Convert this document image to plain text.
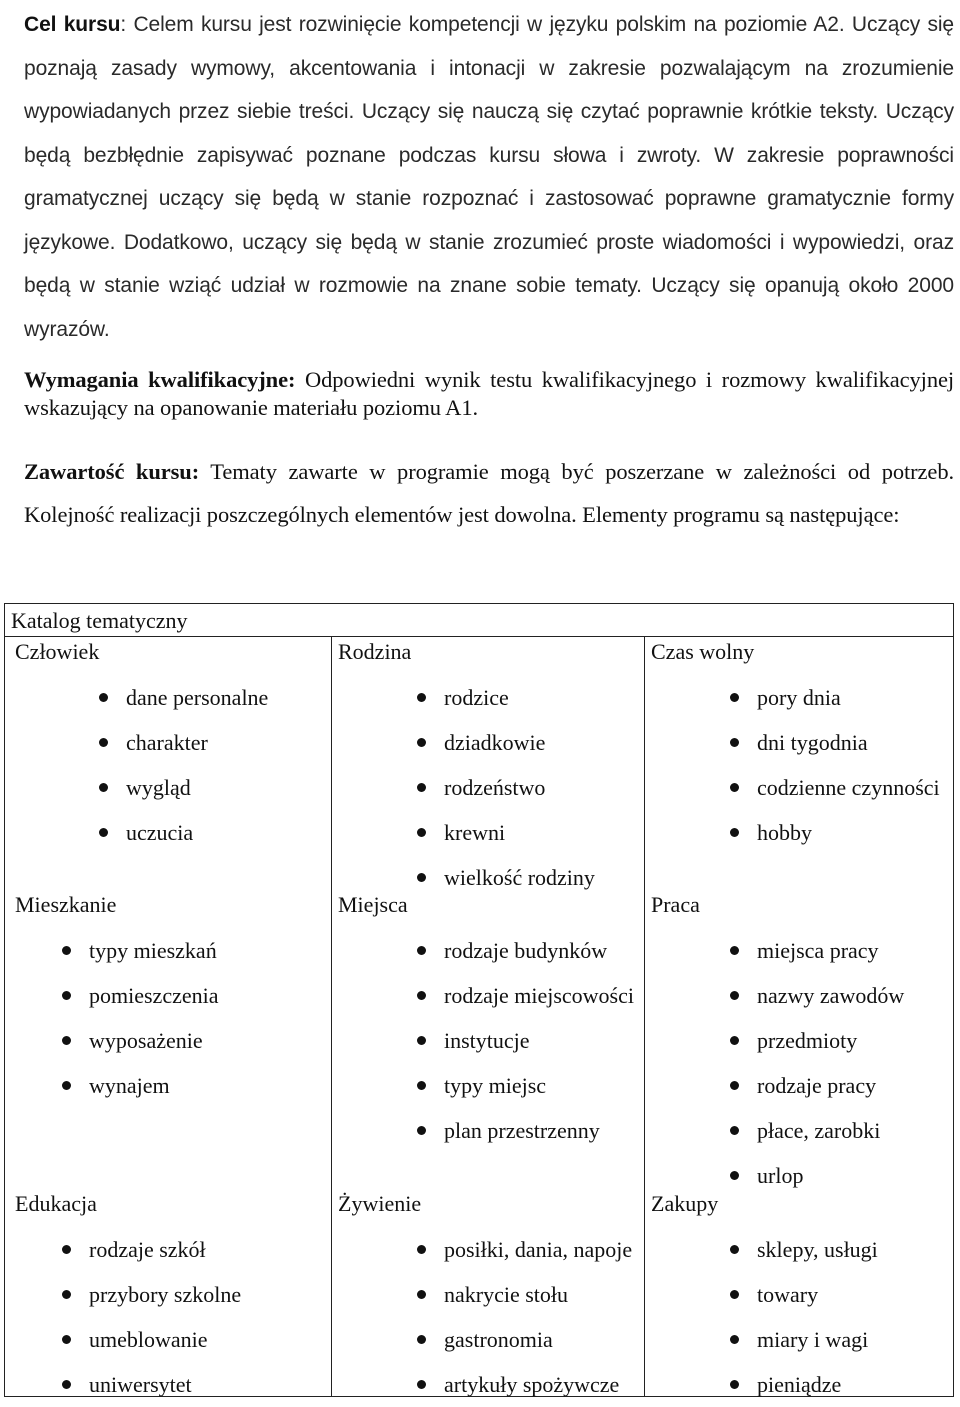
Cel kursu: Celem kursu jest rozwinięcie kompetencji w języku polskim na poziomie A2. Uczący się poznają zasady wymowy, akcentowania i intonacji w zakresie pozwalającym na zrozumienie wypowiadanych przez siebie treści. Uczący się nauczą się czytać poprawnie krótkie teksty. Uczący będą bezbłędnie zapisywać poznane podczas kursu słowa i zwroty. W zakresie poprawności gramatycznej uczący się będą w stanie rozpoznać i zastosować poprawne gramatycznie formy językowe. Dodatkowo, uczący się będą w stanie zrozumieć proste wiadomości i wypowiedzi, oraz będą w stanie wziąć udział w rozmowie na znane sobie tematy. Uczący się opanują około 2000 wyrazów.

Wymagania kwalifikacyjne: Odpowiedni wynik testu kwalifikacyjnego i rozmowy kwalifikacyjnej wskazujący na opanowanie materiału poziomu A1.

Zawartość kursu: Tematy zawarte w programie mogą być poszerzane w zależności od potrzeb. Kolejność realizacji poszczególnych elementów jest dowolna. Elementy programu są następujące:

Katalog tematyczny
Człowiek
dane personalne
charakter
wygląd
uczucia
Rodzina
rodzice
dziadkowie
rodzeństwo
krewni
wielkość rodziny
Czas wolny
pory dnia
dni tygodnia
codzienne czynności
hobby
Mieszkanie
typy mieszkań
pomieszczenia
wyposażenie
wynajem
Miejsca
rodzaje budynków
rodzaje miejscowości
instytucje
typy miejsc
plan przestrzenny
Praca
miejsca pracy
nazwy zawodów
przedmioty
rodzaje pracy
płace, zarobki
urlop
Edukacja
rodzaje szkół
przybory szkolne
umeblowanie
uniwersytet
Żywienie
posiłki, dania, napoje
nakrycie stołu
gastronomia
artykuły spożywcze
Zakupy
sklepy, usługi
towary
miary i wagi
pieniądze
